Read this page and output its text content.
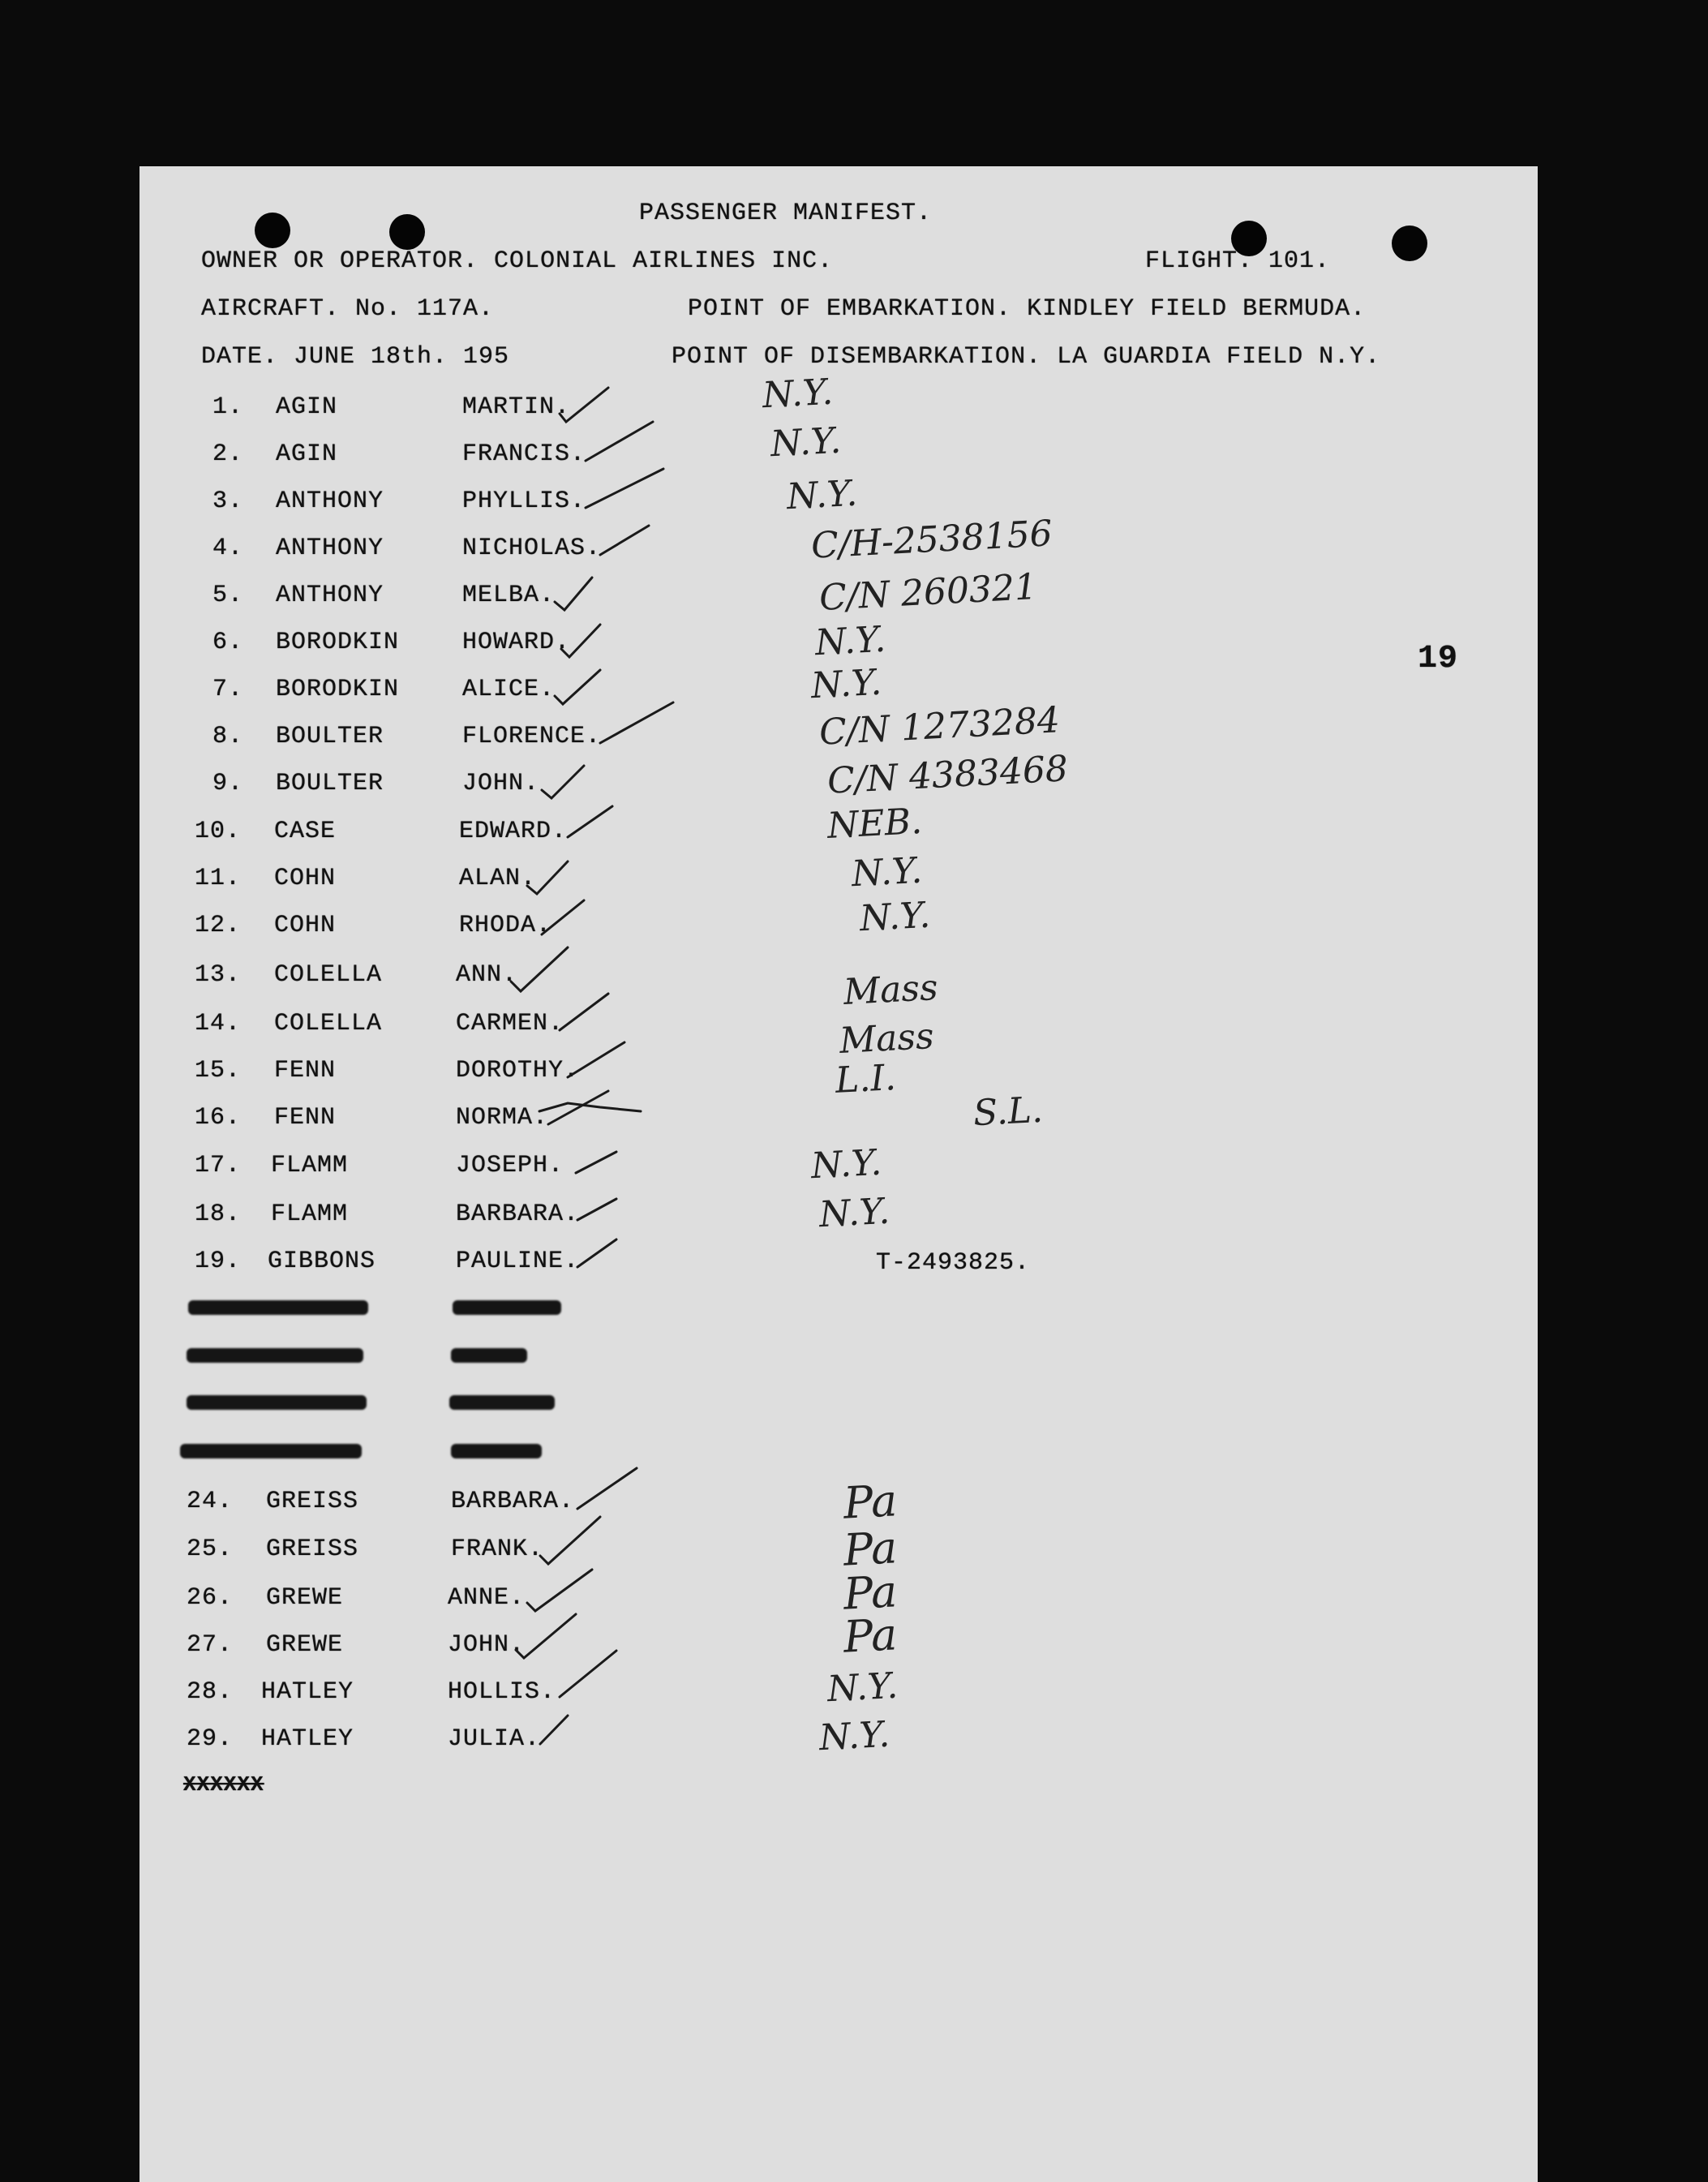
PASSENGER MANIFEST.
OWNER OR OPERATOR. COLONIAL AIRLINES INC.	FLIGHT. 101.
AIRCRAFT. No. 117A.	POINT OF EMBARKATION. KINDLEY FIELD BERMUDA.
DATE. JUNE 18th. 195	POINT OF DISEMBARKATION. LA GUARDIA FIELD N.Y.
19
1. AGIN	MARTIN.	N.Y.
2. AGIN	FRANCIS.	N.Y.
3. ANTHONY	PHYLLIS.	N.Y.
4. ANTHONY	NICHOLAS.	C/H-2538156
5. ANTHONY	MELBA.	C/N 260321
6. BORODKIN	HOWARD.	N.Y.
7. BORODKIN	ALICE.	N.Y.
8. BOULTER	FLORENCE.	C/N 1273284
9. BOULTER	JOHN.	C/N 4383468
10. CASE	EDWARD.	NEB.
11. COHN	ALAN.	N.Y.
12. COHN	RHODA.	N.Y.
13. COLELLA	ANN.	Mass
14. COLELLA	CARMEN.	Mass
15. FENN	DOROTHY.	L.I.
16. FENN	NORMA.	S.L.
17. FLAMM	JOSEPH.	N.Y.
18. FLAMM	BARBARA.	N.Y.
19. GIBBONS	PAULINE.	T-2493825.
24. GREISS	BARBARA.	Pa
25. GREISS	FRANK.	Pa
26. GREWE	ANNE.	Pa
27. GREWE	JOHN.	Pa
28. HATLEY	HOLLIS.	N.Y.
29. HATLEY	JULIA.	N.Y.
XXXXXX
